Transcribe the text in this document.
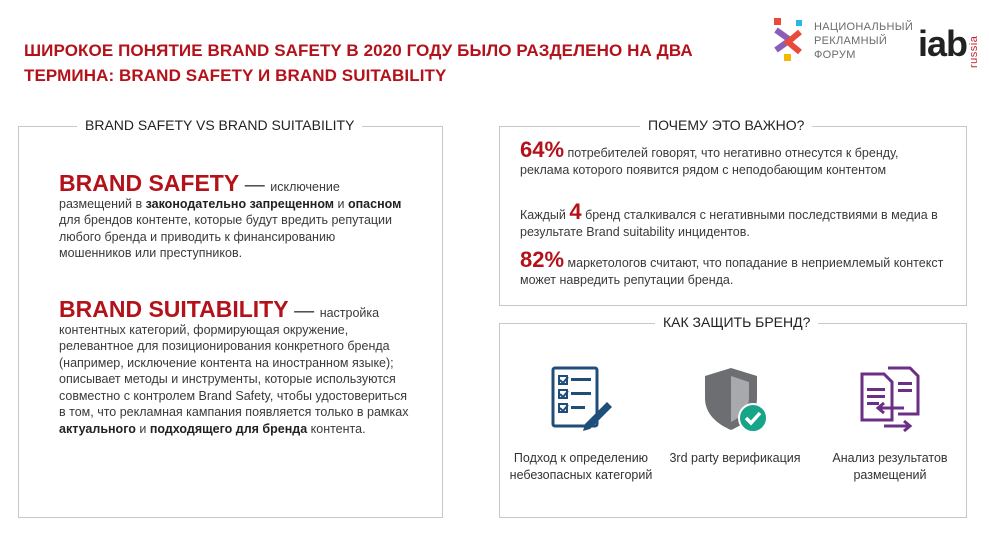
ШИРОКОЕ ПОНЯТИЕ BRAND SAFETY В 2020 ГОДУ БЫЛО РАЗДЕЛЕНО НА ДВА
ТЕРМИНА: BRAND SAFETY И BRAND SUITABILITY
НАЦИОНАЛЬНЫЙ
РЕКЛАМНЫЙ
ФОРУМ	iab russia
BRAND SAFETY VS BRAND SUITABILITY
BRAND SAFETY — исключение размещений в законодательно запрещенном и опасном для брендов контенте, которые будут вредить репутации любого бренда и приводить к финансированию мошенников или преступников.
BRAND SUITABILITY — настройка контентных категорий, формирующая окружение, релевантное для позиционирования конкретного бренда (например, исключение контента на иностранном языке); описывает методы и инструменты, которые используются совместно с контролем Brand Safety, чтобы удостовериться в том, что рекламная кампания появляется только в рамках актуального и подходящего для бренда контента.
ПОЧЕМУ ЭТО ВАЖНО?
64% потребителей говорят, что негативно отнесутся к бренду, реклама которого появится рядом с неподобающим контентом
Каждый 4 бренд сталкивался с негативными последствиями в медиа в результате Brand suitability инцидентов.
82% маркетологов считают, что попадание в неприемлемый контекст может навредить репутации бренда.
КАК ЗАЩИТЬ БРЕНД?
Подход к определению небезопасных категорий
3rd party верификация	Анализ результатов размещений
